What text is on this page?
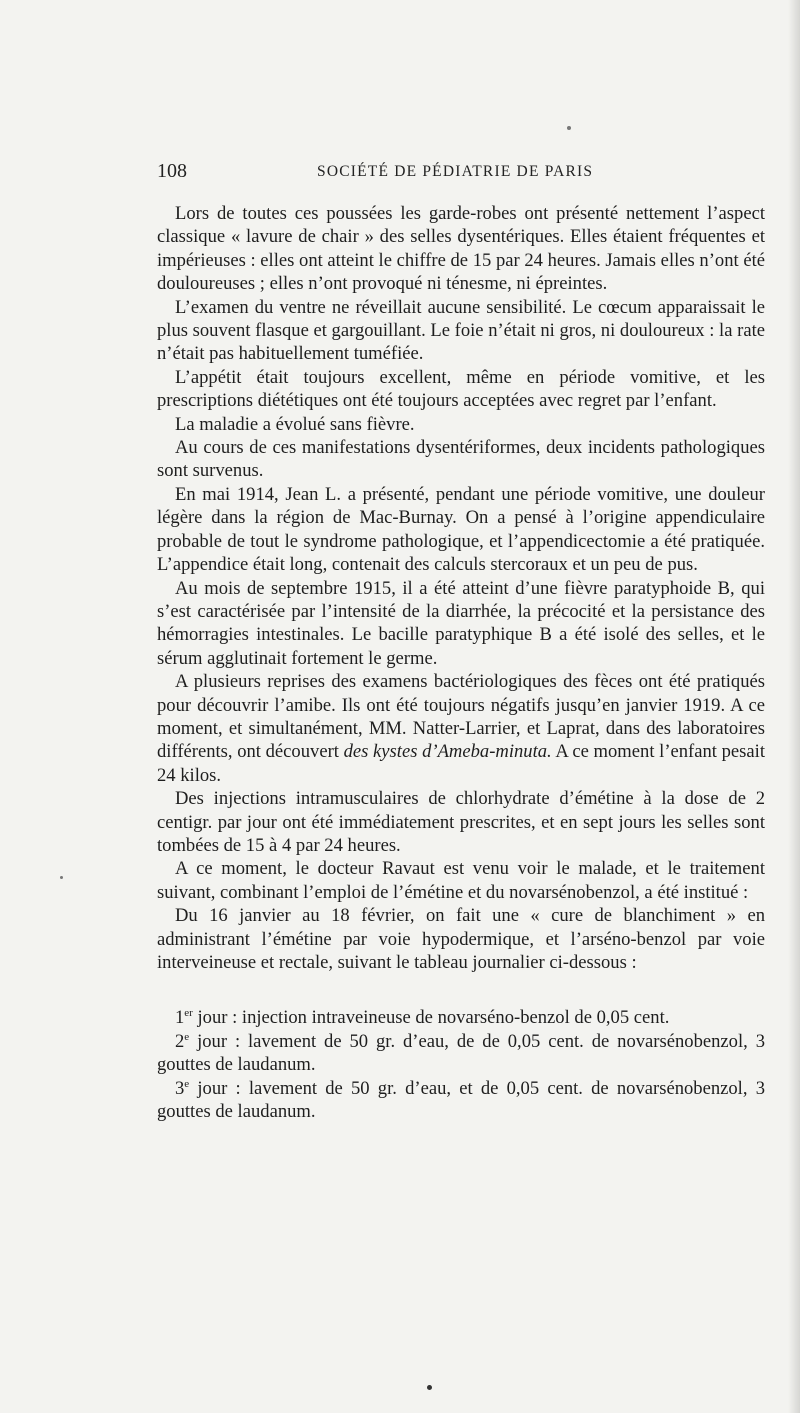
108	SOCIÉTÉ DE PÉDIATRIE DE PARIS

Lors de toutes ces poussées les garde-robes ont présenté nettement l’aspect classique « lavure de chair » des selles dysentériques. Elles étaient fréquentes et impérieuses : elles ont atteint le chiffre de 15 par 24 heures. Jamais elles n’ont été douloureuses ; elles n’ont provoqué ni ténesme, ni épreintes.

L’examen du ventre ne réveillait aucune sensibilité. Le cœcum apparaissait le plus souvent flasque et gargouillant. Le foie n’était ni gros, ni douloureux : la rate n’était pas habituellement tuméfiée.

L’appétit était toujours excellent, même en période vomitive, et les prescriptions diététiques ont été toujours acceptées avec regret par l’enfant.

La maladie a évolué sans fièvre.

Au cours de ces manifestations dysentériformes, deux incidents pathologiques sont survenus.

En mai 1914, Jean L. a présenté, pendant une période vomitive, une douleur légère dans la région de Mac-Burnay. On a pensé à l’origine appendiculaire probable de tout le syndrome pathologique, et l’appendicectomie a été pratiquée. L’appendice était long, contenait des calculs stercoraux et un peu de pus.

Au mois de septembre 1915, il a été atteint d’une fièvre paratyphoide B, qui s’est caractérisée par l’intensité de la diarrhée, la précocité et la persistance des hémorragies intestinales. Le bacille paratyphique B a été isolé des selles, et le sérum agglutinait fortement le germe.

A plusieurs reprises des examens bactériologiques des fèces ont été pratiqués pour découvrir l’amibe. Ils ont été toujours négatifs jusqu’en janvier 1919. A ce moment, et simultanément, MM. Natter-Larrier, et Laprat, dans des laboratoires différents, ont découvert des kystes d’Ameba-minuta. A ce moment l’enfant pesait 24 kilos.

Des injections intramusculaires de chlorhydrate d’émétine à la dose de 2 centigr. par jour ont été immédiatement prescrites, et en sept jours les selles sont tombées de 15 à 4 par 24 heures.

A ce moment, le docteur Ravaut est venu voir le malade, et le traitement suivant, combinant l’emploi de l’émétine et du novarsénobenzol, a été institué :

Du 16 janvier au 18 février, on fait une « cure de blanchiment » en administrant l’émétine par voie hypodermique, et l’arséno-benzol par voie interveineuse et rectale, suivant le tableau journalier ci-dessous :

1er jour : injection intraveineuse de novarséno-benzol de 0,05 cent.

2e jour : lavement de 50 gr. d’eau, de de 0,05 cent. de novarsénobenzol, 3 gouttes de laudanum.

3e jour : lavement de 50 gr. d’eau, et de 0,05 cent. de novarsénobenzol, 3 gouttes de laudanum.
